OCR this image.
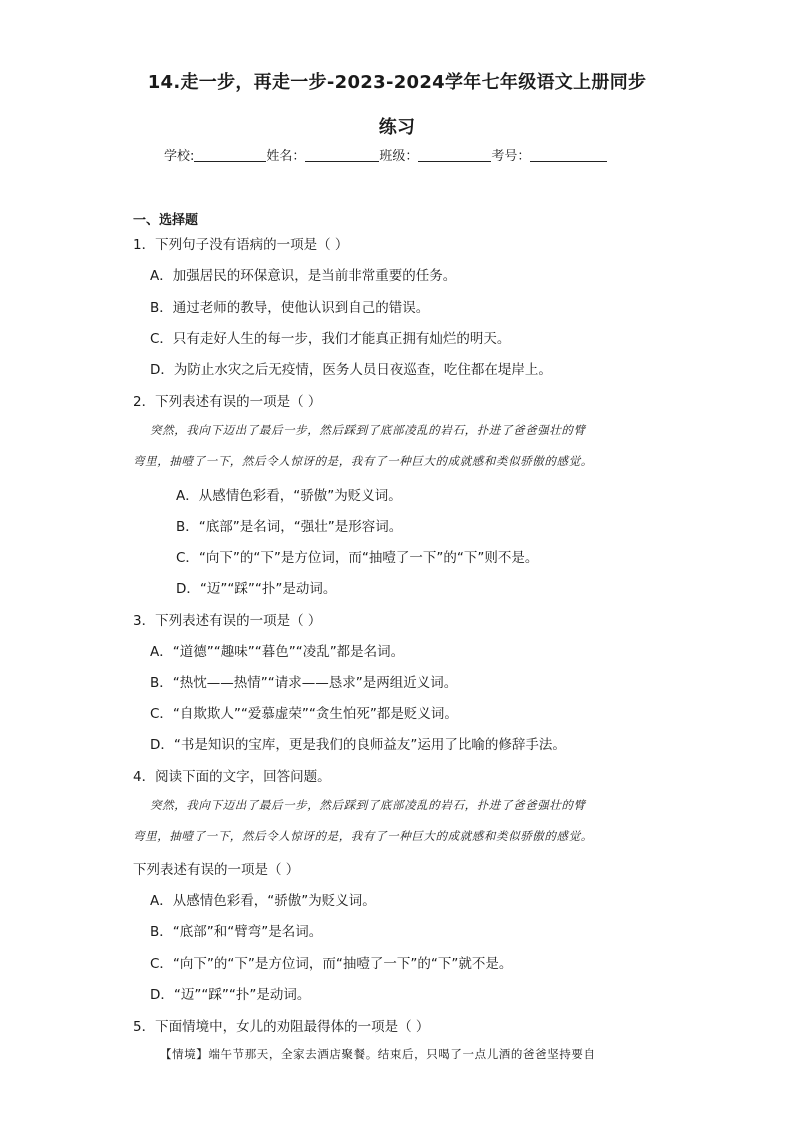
14.走一步，再走一步-2023-2024学年七年级语文上册同步
练习
学校:	姓名：	班级：	考号：
一、选择题
1．下列句子没有语病的一项是（ ）
A．加强居民的环保意识，是当前非常重要的任务。
B．通过老师的教导，使他认识到自己的错误。
C．只有走好人生的每一步，我们才能真正拥有灿烂的明天。
D．为防止水灾之后无疫情，医务人员日夜巡查，吃住都在堤岸上。
2．下列表述有误的一项是（ ）
突然，我向下迈出了最后一步，然后踩到了底部凌乱的岩石，扑进了爸爸强壮的臂
弯里，抽噎了一下，然后令人惊讶的是，我有了一种巨大的成就感和类似骄傲的感觉。
A．从感情色彩看，“骄傲”为贬义词。
B．“底部”是名词，“强壮”是形容词。
C．“向下”的“下”是方位词，而“抽噎了一下”的“下”则不是。
D．“迈”“踩”“扑”是动词。
3．下列表述有误的一项是（ ）
A．“道德”“趣味”“暮色”“凌乱”都是名词。
B．“热忱——热情”“请求——恳求”是两组近义词。
C．“自欺欺人”“爱慕虚荣”“贪生怕死”都是贬义词。
D．“书是知识的宝库，更是我们的良师益友”运用了比喻的修辞手法。
4．阅读下面的文字，回答问题。
突然，我向下迈出了最后一步，然后踩到了底部凌乱的岩石，扑进了爸爸强壮的臂
弯里，抽噎了一下，然后令人惊讶的是，我有了一种巨大的成就感和类似骄傲的感觉。
下列表述有误的一项是（ ）
A．从感情色彩看，“骄傲”为贬义词。
B．“底部”和“臂弯”是名词。
C．“向下”的“下”是方位词，而“抽噎了一下”的“下”就不是。
D．“迈”“踩”“扑”是动词。
5．下面情境中，女儿的劝阻最得体的一项是（ ）
【情境】端午节那天，全家去酒店聚餐。结束后，只喝了一点儿酒的爸爸坚持要自
